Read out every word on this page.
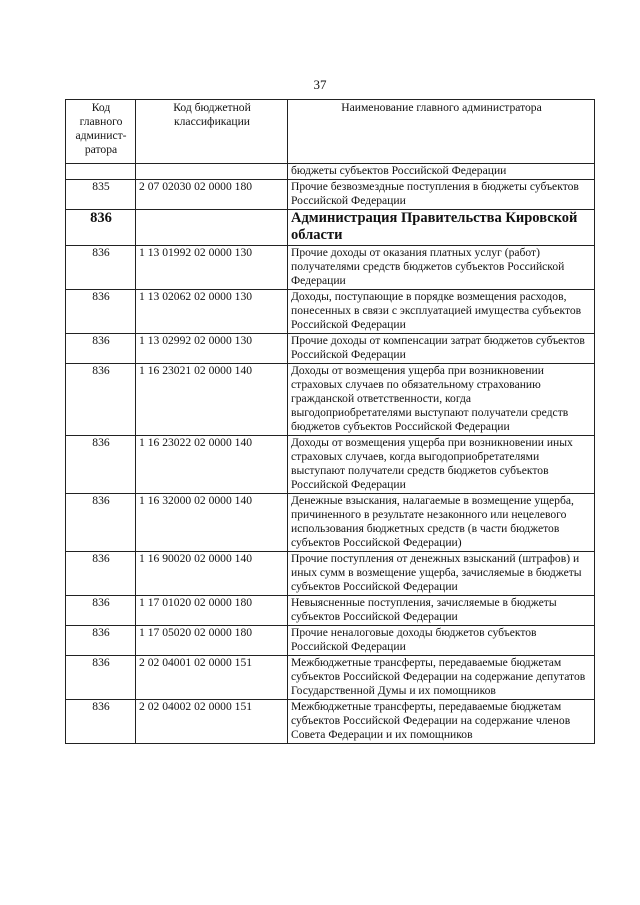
37
Код главного админист-ратора	Код бюджетной классификации	Наименование главного администратора
		бюджеты субъектов Российской Федерации
835	2 07 02030 02 0000 180	Прочие безвозмездные поступления в бюджеты субъектов Российской Федерации
836		Администрация Правительства Кировской области
836	1 13 01992 02 0000 130	Прочие доходы от оказания платных услуг (работ) получателями средств бюджетов субъектов Российской Федерации
836	1 13 02062 02 0000 130	Доходы, поступающие в порядке возмещения расходов, понесенных в связи с эксплуатацией имущества субъектов Российской Федерации
836	1 13 02992 02 0000 130	Прочие доходы от компенсации затрат бюджетов субъектов Российской Федерации
836	1 16 23021 02 0000 140	Доходы от возмещения ущерба при возникновении страховых случаев по обязательному страхованию гражданской ответственности, когда выгодоприобретателями выступают получатели средств бюджетов субъектов Российской Федерации
836	1 16 23022 02 0000 140	Доходы от возмещения ущерба при возникновении иных страховых случаев, когда выгодоприобретателями выступают получатели средств бюджетов субъектов Российской Федерации
836	1 16 32000 02 0000 140	Денежные взыскания, налагаемые в возмещение ущерба, причиненного в результате незаконного или нецелевого использования бюджетных средств (в части бюджетов субъектов Российской Федерации)
836	1 16 90020 02 0000 140	Прочие поступления от денежных взысканий (штрафов) и иных сумм в возмещение ущерба, зачисляемые в бюджеты субъектов Российской Федерации
836	1 17 01020 02 0000 180	Невыясненные поступления, зачисляемые в бюджеты субъектов Российской Федерации
836	1 17 05020 02 0000 180	Прочие неналоговые доходы бюджетов субъектов Российской Федерации
836	2 02 04001 02 0000 151	Межбюджетные трансферты, передаваемые бюджетам субъектов Российской Федерации на содержание депутатов Государственной Думы и их помощников
836	2 02 04002 02 0000 151	Межбюджетные трансферты, передаваемые бюджетам субъектов Российской Федерации на содержание членов Совета Федерации и их помощников
